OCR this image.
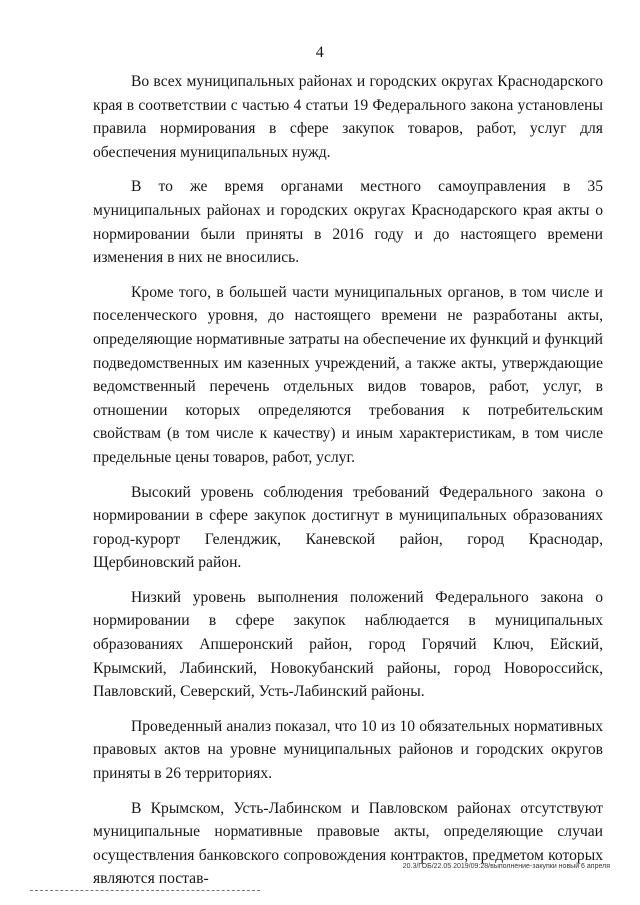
4

Во всех муниципальных районах и городских округах Краснодарского края в соответствии с частью 4 статьи 19 Федерального закона установлены правила нормирования в сфере закупок товаров, работ, услуг для обеспечения муниципальных нужд.

В то же время органами местного самоуправления в 35 муниципальных районах и городских округах Краснодарского края акты о нормировании были приняты в 2016 году и до настоящего времени изменения в них не вносились.

Кроме того, в большей части муниципальных органов, в том числе и поселенческого уровня, до настоящего времени не разработаны акты, определяющие нормативные затраты на обеспечение их функций и функций подведомственных им казенных учреждений, а также акты, утверждающие ведомственный перечень отдельных видов товаров, работ, услуг, в отношении которых определяются требования к потребительским свойствам (в том числе к качеству) и иным характеристикам, в том числе предельные цены товаров, работ, услуг.

Высокий уровень соблюдения требований Федерального закона о нормировании в сфере закупок достигнут в муниципальных образованиях город-курорт Геленджик, Каневской район, город Краснодар, Щербиновский район.

Низкий уровень выполнения положений Федерального закона о нормировании в сфере закупок наблюдается в муниципальных образованиях Апшеронский район, город Горячий Ключ, Ейский, Крымский, Лабинский, Новокубанский районы, город Новороссийск, Павловский, Северский, Усть-Лабинский районы.

Проведенный анализ показал, что 10 из 10 обязательных нормативных правовых актов на уровне муниципальных районов и городских округов приняты в 26 территориях.

В Крымском, Усть-Лабинском и Павловском районах отсутствуют муниципальные нормативные правовые акты, определяющие случаи осуществления банковского сопровождения контрактов, предметом которых являются постав-

20.3/ГОБ/22.05 2019/09:28/выполнение-закупки новый 6 апреля
